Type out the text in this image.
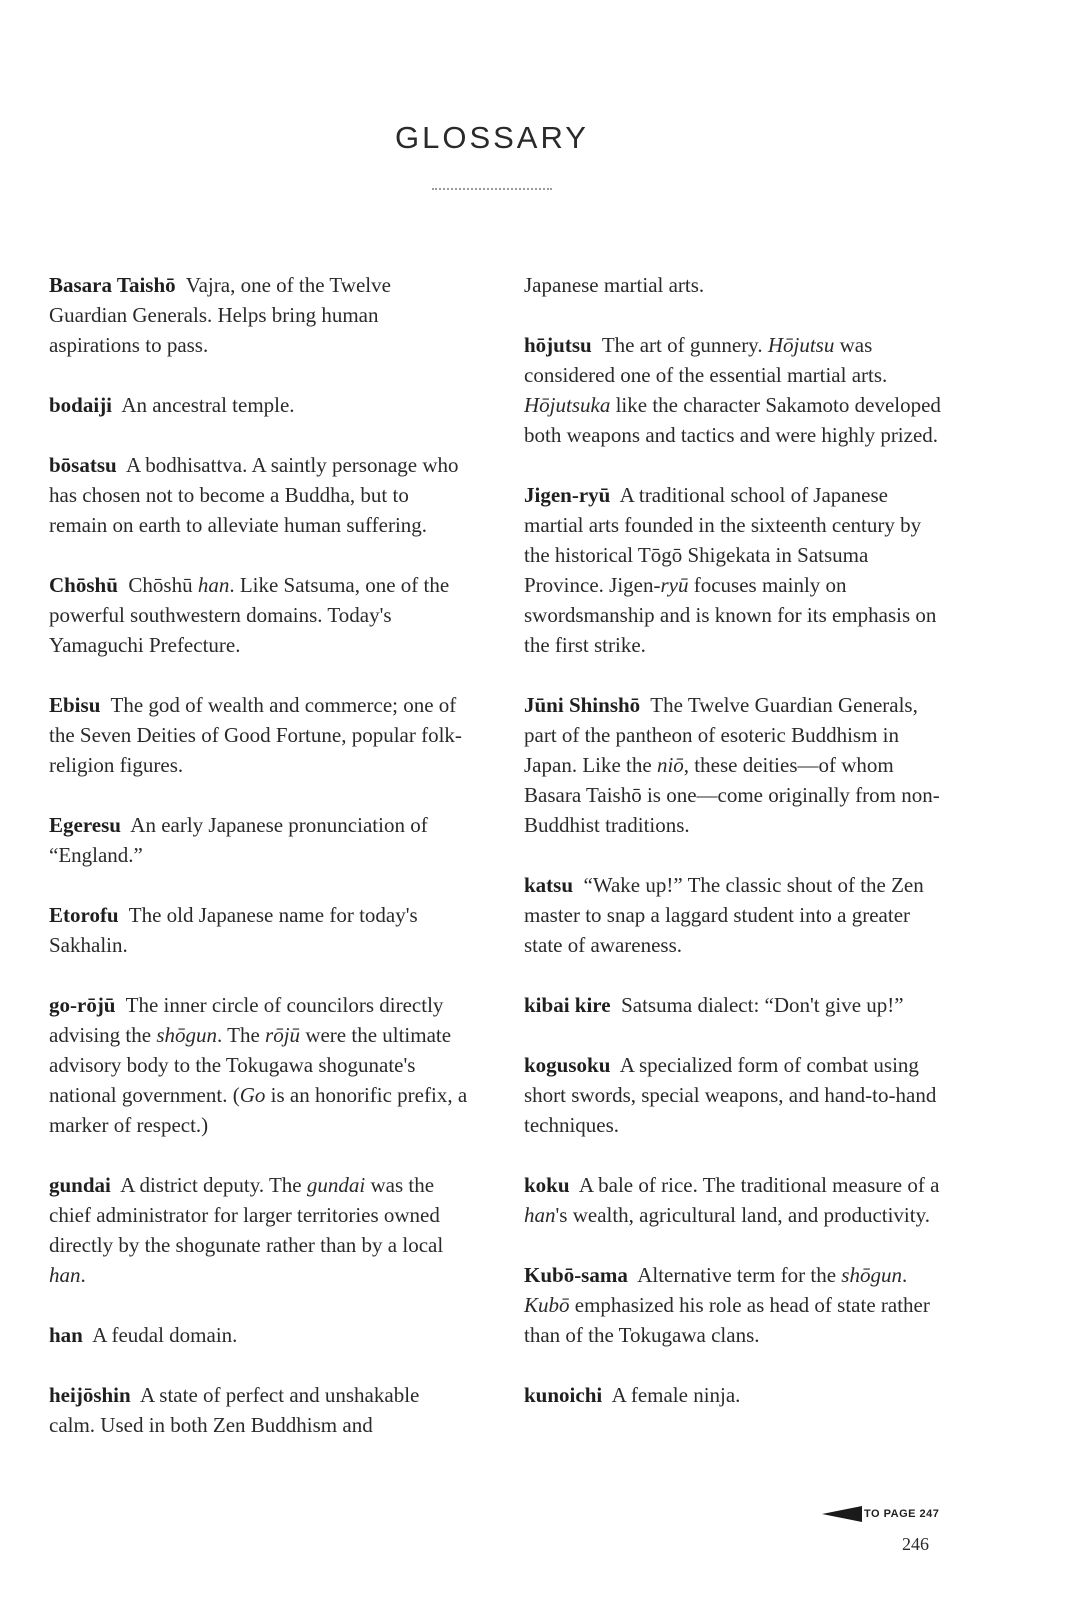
GLOSSARY

Basara Taishō Vajra, one of the Twelve Guardian Generals. Helps bring human aspirations to pass.

bodaiji An ancestral temple.

bōsatsu A bodhisattva. A saintly personage who has chosen not to become a Buddha, but to remain on earth to alleviate human suffering.

Chōshū Chōshū han. Like Satsuma, one of the powerful southwestern domains. Today's Yamaguchi Prefecture.

Ebisu The god of wealth and commerce; one of the Seven Deities of Good Fortune, popular folk-religion figures.

Egeresu An early Japanese pronunciation of “England.”

Etorofu The old Japanese name for today's Sakhalin.

go-rōjū The inner circle of councilors directly advising the shōgun. The rōjū were the ultimate advisory body to the Tokugawa shogunate's national government. (Go is an honorific prefix, a marker of respect.)

gundai A district deputy. The gundai was the chief administrator for larger territories owned directly by the shogunate rather than by a local han.

han A feudal domain.

heijōshin A state of perfect and unshakable calm. Used in both Zen Buddhism and

Japanese martial arts.

hōjutsu The art of gunnery. Hōjutsu was considered one of the essential martial arts. Hōjutsuka like the character Sakamoto developed both weapons and tactics and were highly prized.

Jigen-ryū A traditional school of Japanese martial arts founded in the sixteenth century by the historical Tōgō Shigekata in Satsuma Province. Jigen-ryū focuses mainly on swordsmanship and is known for its emphasis on the first strike.

Jūni Shinshō The Twelve Guardian Generals, part of the pantheon of esoteric Buddhism in Japan. Like the niō, these deities—of whom Basara Taishō is one—come originally from non-Buddhist traditions.

katsu “Wake up!” The classic shout of the Zen master to snap a laggard student into a greater state of awareness.

kibai kire Satsuma dialect: “Don't give up!”

kogusoku A specialized form of combat using short swords, special weapons, and hand-to-hand techniques.

koku A bale of rice. The traditional measure of a han's wealth, agricultural land, and productivity.

Kubō-sama Alternative term for the shōgun. Kubō emphasized his role as head of state rather than of the Tokugawa clans.

kunoichi A female ninja.

TO PAGE 247
246
